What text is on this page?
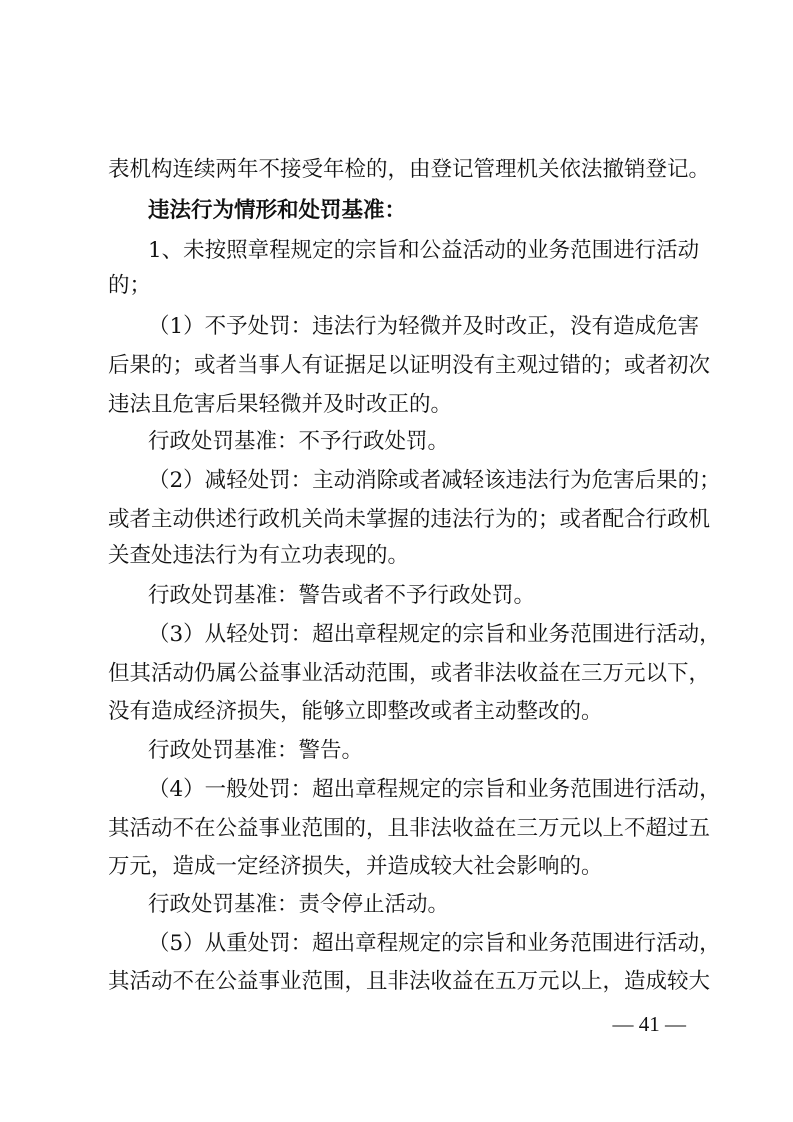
表机构连续两年不接受年检的，由登记管理机关依法撤销登记。
违法行为情形和处罚基准：
1、未按照章程规定的宗旨和公益活动的业务范围进行活动
的；
（1）不予处罚：违法行为轻微并及时改正，没有造成危害
后果的；或者当事人有证据足以证明没有主观过错的；或者初次
违法且危害后果轻微并及时改正的。
行政处罚基准：不予行政处罚。
（2）减轻处罚：主动消除或者减轻该违法行为危害后果的；
或者主动供述行政机关尚未掌握的违法行为的；或者配合行政机
关查处违法行为有立功表现的。
行政处罚基准：警告或者不予行政处罚。
（3）从轻处罚：超出章程规定的宗旨和业务范围进行活动，
但其活动仍属公益事业活动范围，或者非法收益在三万元以下，
没有造成经济损失，能够立即整改或者主动整改的。
行政处罚基准：警告。
（4）一般处罚：超出章程规定的宗旨和业务范围进行活动，
其活动不在公益事业范围的，且非法收益在三万元以上不超过五
万元，造成一定经济损失，并造成较大社会影响的。
行政处罚基准：责令停止活动。
（5）从重处罚：超出章程规定的宗旨和业务范围进行活动，
其活动不在公益事业范围，且非法收益在五万元以上，造成较大
— 41 —
